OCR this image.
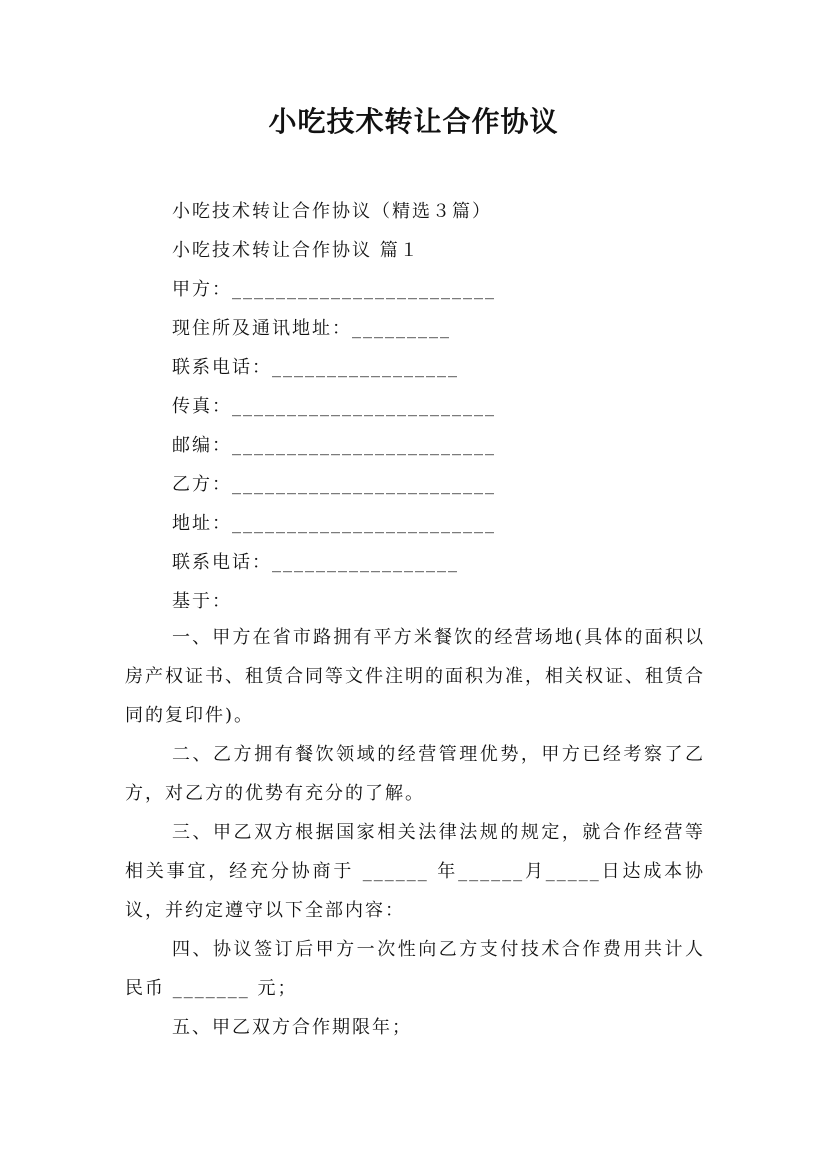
小吃技术转让合作协议
小吃技术转让合作协议（精选３篇）
小吃技术转让合作协议 篇１
甲方：________________________
现住所及通讯地址：_________
联系电话：_________________
传真：________________________
邮编：________________________
乙方：________________________
地址：________________________
联系电话：_________________
基于：
一、甲方在省市路拥有平方米餐饮的经营场地(具体的面积以房产权证书、租赁合同等文件注明的面积为准，相关权证、租赁合同的复印件)。
二、乙方拥有餐饮领域的经营管理优势，甲方已经考察了乙方，对乙方的优势有充分的了解。
三、甲乙双方根据国家相关法律法规的规定，就合作经营等相关事宜，经充分协商于 ______ 年______月_____日达成本协议，并约定遵守以下全部内容：
四、协议签订后甲方一次性向乙方支付技术合作费用共计人民币 _______ 元；
五、甲乙双方合作期限年；
